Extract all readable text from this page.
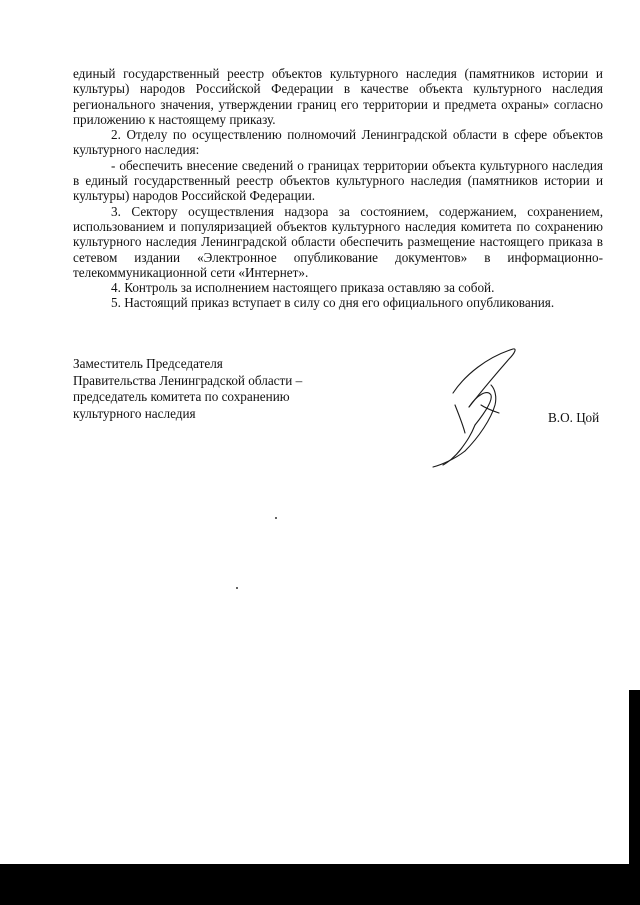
единый государственный реестр объектов культурного наследия (памятников истории и культуры) народов Российской Федерации в качестве объекта культурного наследия регионального значения, утверждении границ его территории и предмета охраны» согласно приложению к настоящему приказу.

2. Отделу по осуществлению полномочий Ленинградской области в сфере объектов культурного наследия:

- обеспечить внесение сведений о границах территории объекта культурного наследия в единый государственный реестр объектов культурного наследия (памятников истории и культуры) народов Российской Федерации.

3. Сектору осуществления надзора за состоянием, содержанием, сохранением, использованием и популяризацией объектов культурного наследия комитета по сохранению культурного наследия Ленинградской области обеспечить размещение настоящего приказа в сетевом издании «Электронное опубликование документов» в информационно-телекоммуникационной сети «Интернет».

4. Контроль за исполнением настоящего приказа оставляю за собой.

5. Настоящий приказ вступает в силу со дня его официального опубликования.

Заместитель Председателя
Правительства Ленинградской области –
председатель комитета по сохранению
культурного наследия	В.О. Цой
